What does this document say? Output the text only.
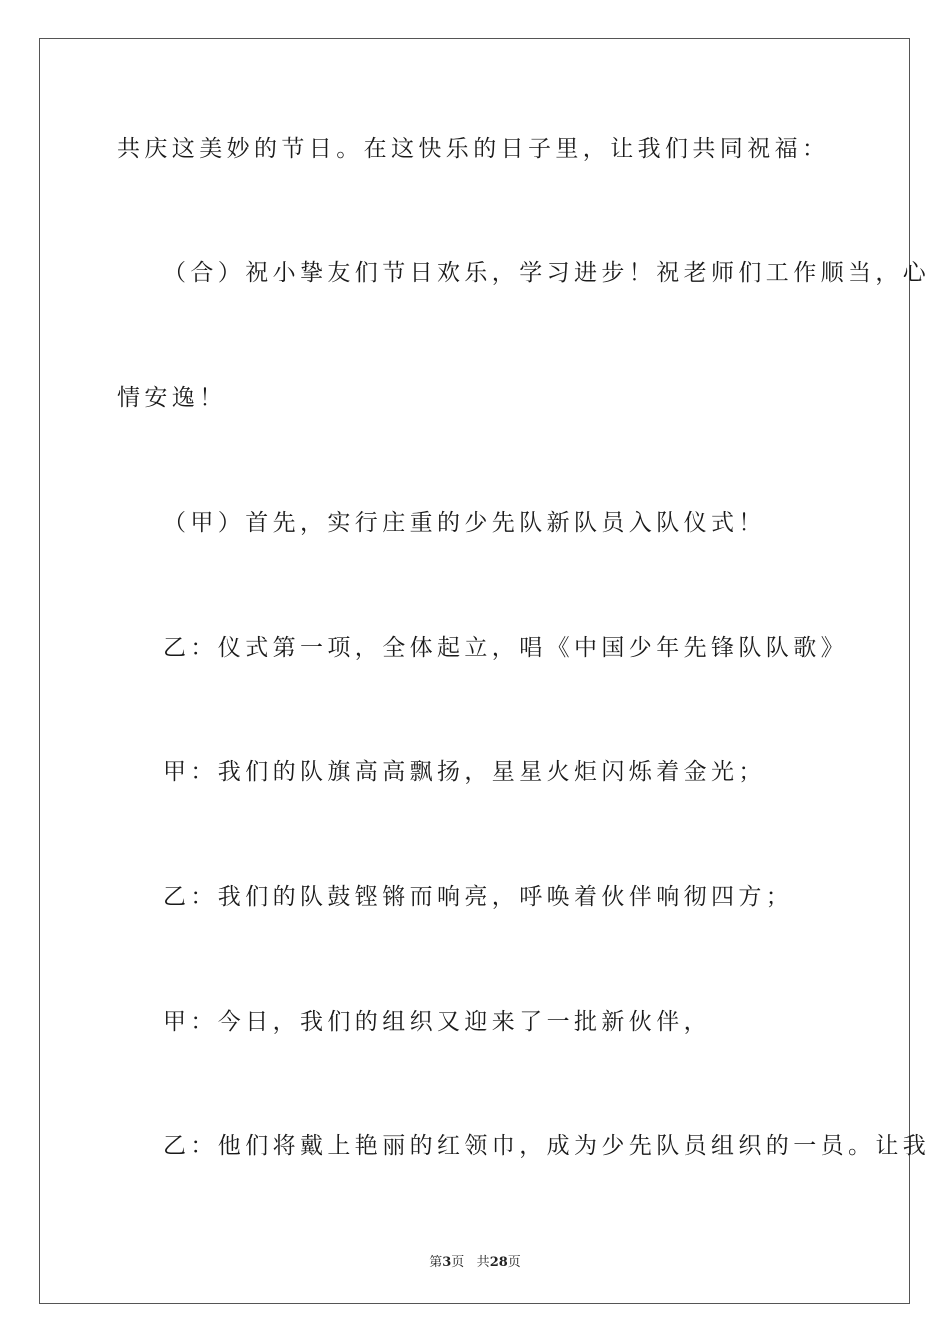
共庆这美妙的节日。在这快乐的日子里，让我们共同祝福：
（合）祝小挚友们节日欢乐，学习进步！祝老师们工作顺当，心
情安逸！
（甲）首先，实行庄重的少先队新队员入队仪式！
乙：仪式第一项，全体起立，唱《中国少年先锋队队歌》
甲：我们的队旗高高飘扬，星星火炬闪烁着金光；
乙：我们的队鼓铿锵而响亮，呼唤着伙伴响彻四方；
甲：今日，我们的组织又迎来了一批新伙伴，
乙：他们将戴上艳丽的红领巾，成为少先队员组织的一员。让我
第3页 共28页
